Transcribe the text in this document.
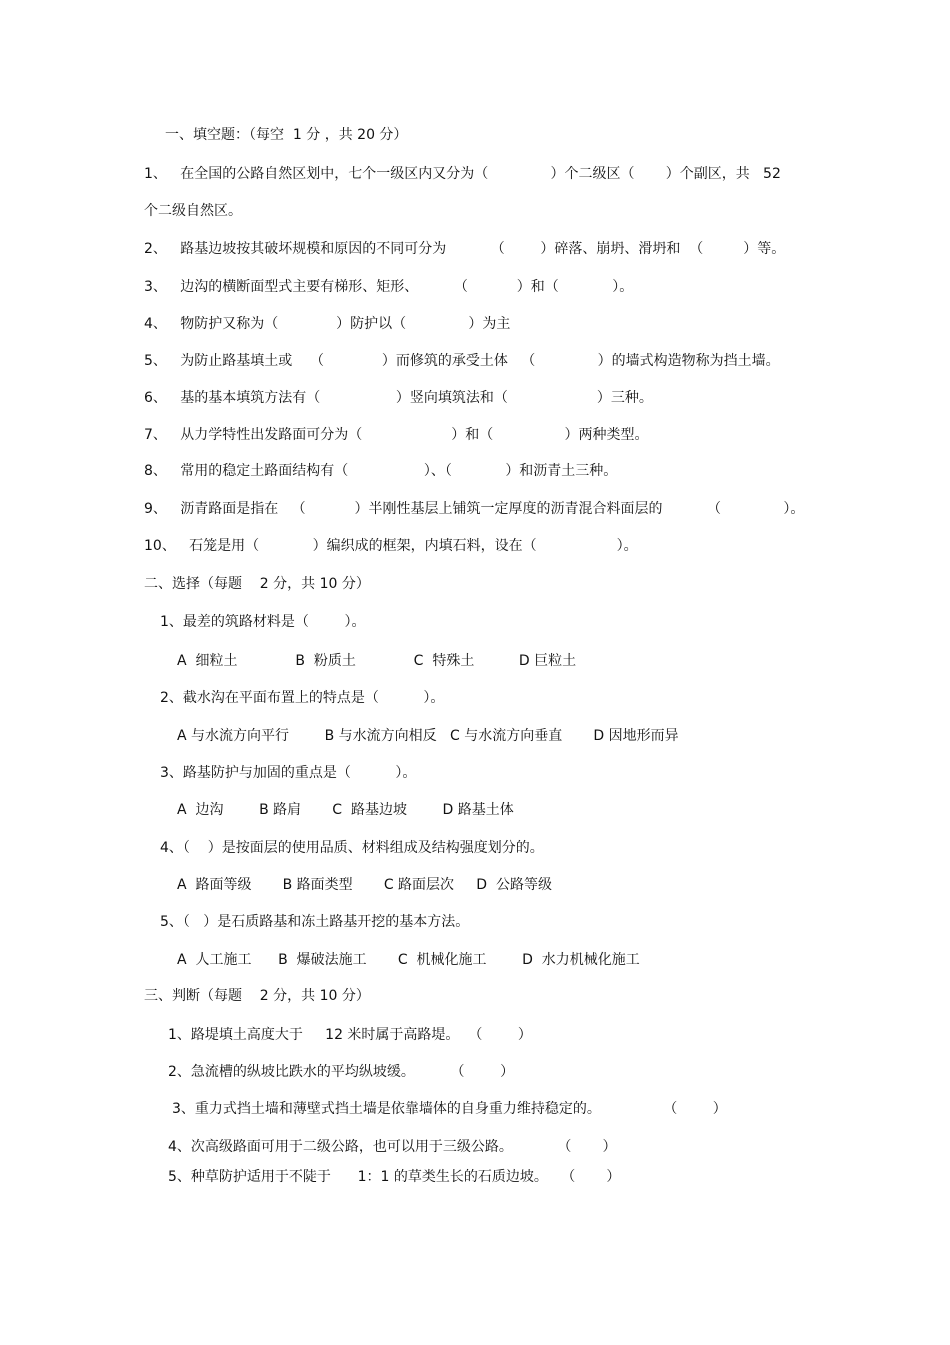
一、填空题：（每空  1 分 ，共 20 分）
1、   在全国的公路自然区划中，七个一级区内又分为（              ）个二级区（       ）个副区，共   52
个二级自然区。
2、   路基边坡按其破坏规模和原因的不同可分为          （        ）碎落、崩坍、滑坍和  （         ）等。
3、   边沟的横断面型式主要有梯形、矩形、        （           ）和（            ）。
4、   物防护又称为（             ）防护以（              ）为主
5、   为防止路基填土或    （             ）而修筑的承受土体   （              ）的墙式构造物称为挡土墙。
6、   基的基本填筑方法有（                 ）竖向填筑法和（                    ）三种。
7、   从力学特性出发路面可分为（                    ）和（                ）两种类型。
8、   常用的稳定土路面结构有（                 ）、（            ）和沥青土三种。
9、   沥青路面是指在   （           ）半刚性基层上铺筑一定厚度的沥青混合料面层的          （              ）。
10、   石笼是用（            ）编织成的框架，内填石料，设在（                  ）。
二、选择（每题    2 分，共 10 分）
1、最差的筑路材料是（        ）。
A  细粒土             B  粉质土             C  特殊土          D 巨粒土
2、截水沟在平面布置上的特点是（          ）。
A 与水流方向平行        B 与水流方向相反   C 与水流方向垂直       D 因地形而异
3、路基防护与加固的重点是（          ）。
A  边沟        B 路肩       C  路基边坡        D 路基土体
4、（    ）是按面层的使用品质、材料组成及结构强度划分的。
A  路面等级       B 路面类型       C 路面层次     D  公路等级
5、（   ）是石质路基和冻土路基开挖的基本方法。
A  人工施工      B  爆破法施工       C  机械化施工        D  水力机械化施工
三、判断（每题    2 分，共 10 分）
1、路堤填土高度大于     12 米时属于高路堤。  （        ）
2、急流槽的纵坡比跌水的平均纵坡缓。        （        ）
3、重力式挡土墙和薄壁式挡土墙是依靠墙体的自身重力维持稳定的。              （        ）
4、次高级路面可用于二级公路，也可以用于三级公路。          （       ）
5、种草防护适用于不陡于      1：1 的草类生长的石质边坡。   （       ）
